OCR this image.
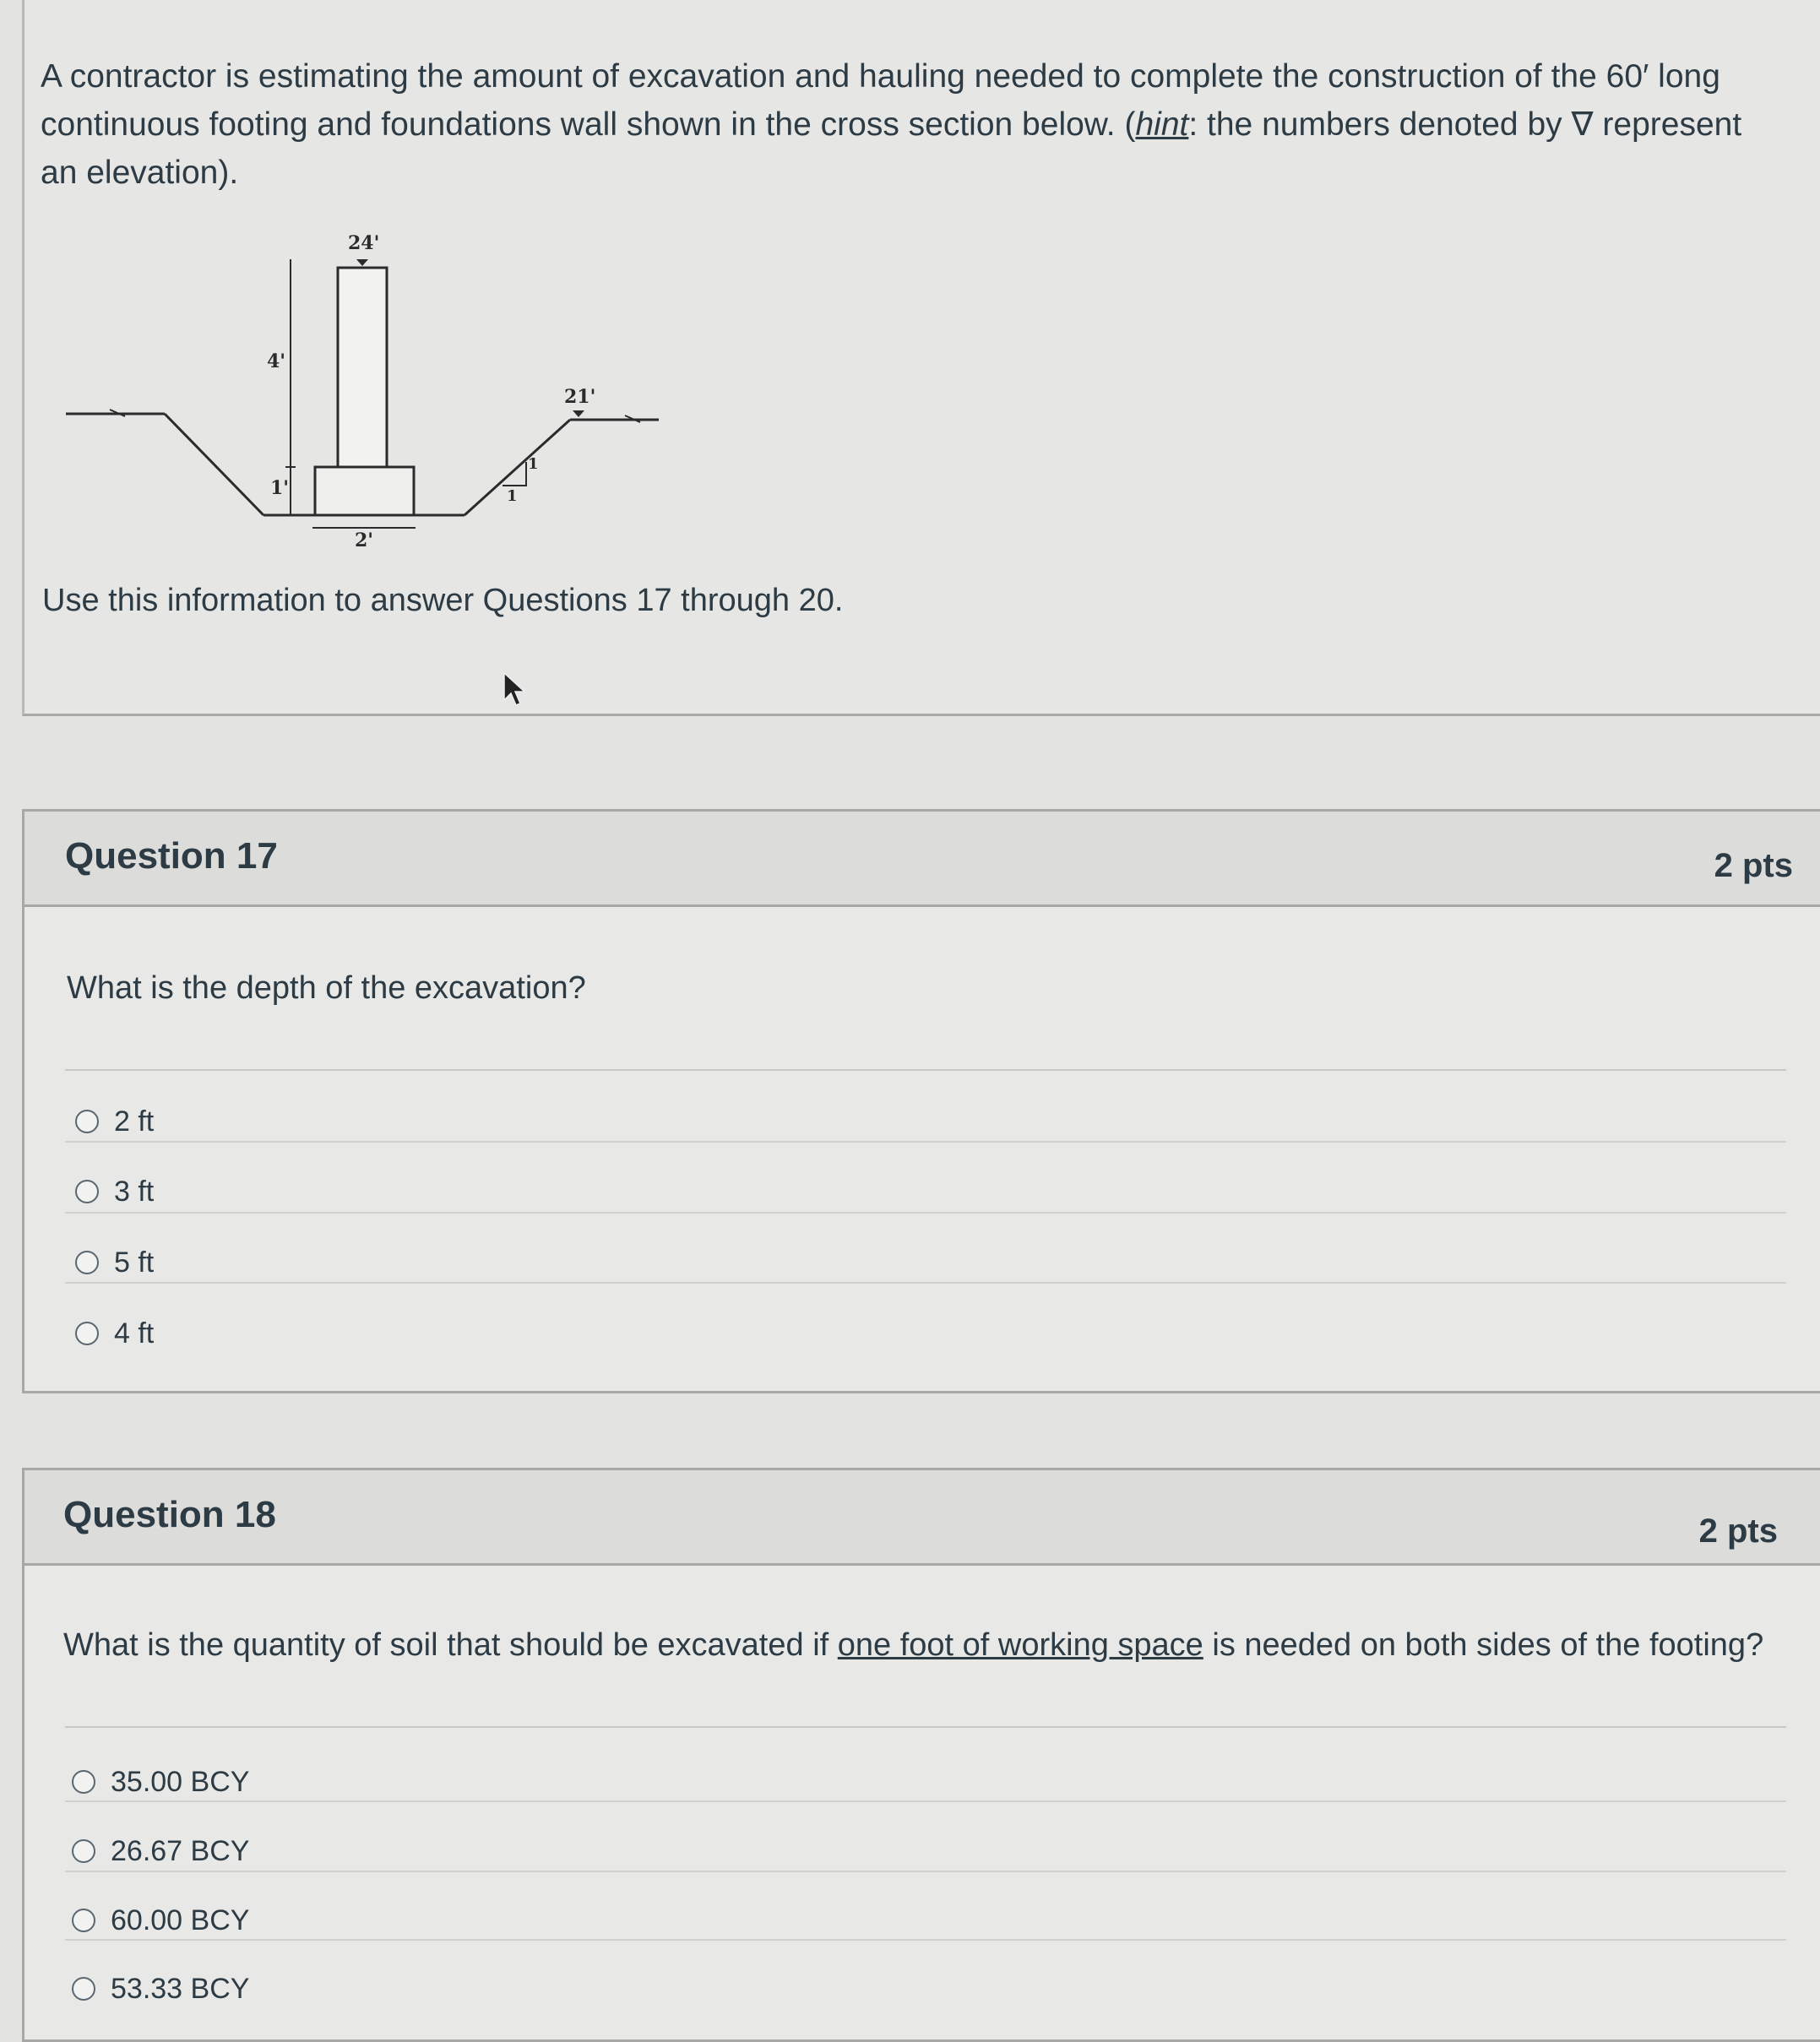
A contractor is estimating the amount of excavation and hauling needed to complete the construction of the 60′ long continuous footing and foundations wall shown in the cross section below. (hint: the numbers denoted by ∇ represent an elevation).

24'
21'
4'
1'
2'
1
1

Use this information to answer Questions 17 through 20.

Question 17	2 pts

What is the depth of the excavation?

2 ft
3 ft
5 ft
4 ft
Question 18	2 pts

What is the quantity of soil that should be excavated if one foot of working space is needed on both sides of the footing?

35.00 BCY
26.67 BCY
60.00 BCY
53.33 BCY
